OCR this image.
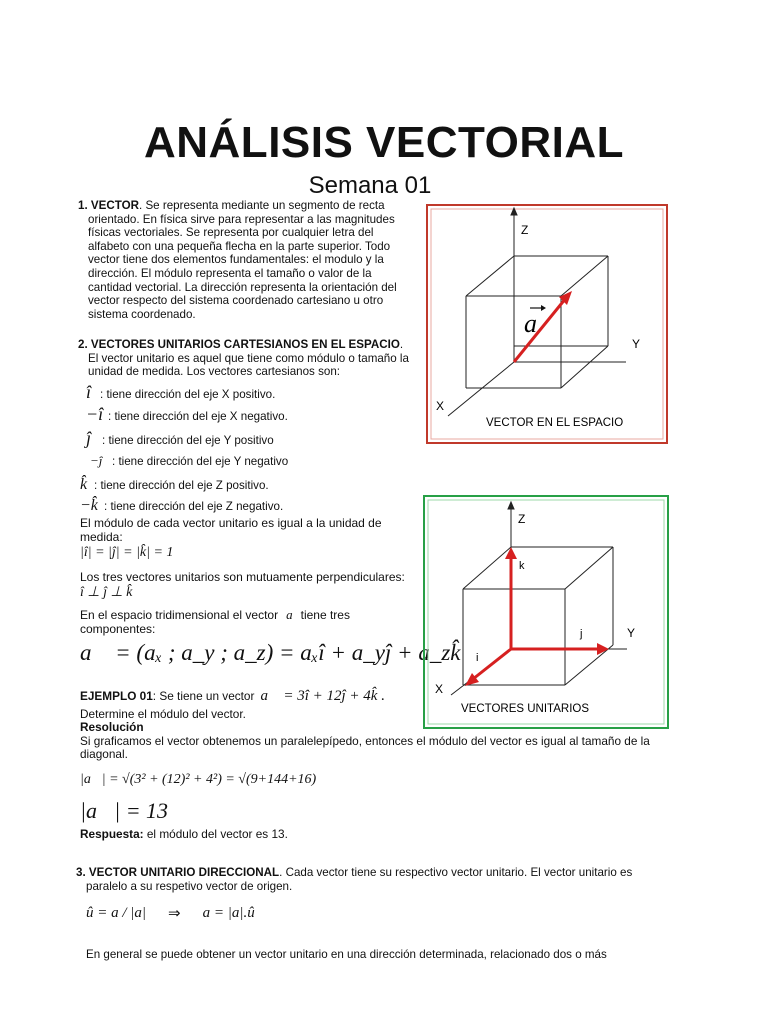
ANÁLISIS VECTORIAL
Semana 01
1. VECTOR. Se representa mediante un segmento de recta
orientado. En física sirve para representar a las magnitudes
físicas vectoriales. Se representa por cualquier letra del
alfabeto con una pequeña flecha en la parte superior. Todo
vector tiene dos elementos fundamentales: el modulo y la
dirección. El módulo representa el tamaño o valor de la
cantidad vectorial. La dirección representa la orientación del
vector respecto del sistema coordenado cartesiano u otro
sistema coordenado.
2. VECTORES UNITARIOS CARTESIANOS EN EL ESPACIO.
El vector unitario es aquel que tiene como módulo o tamaño la
unidad de medida. Los vectores cartesianos son:
î : tiene dirección del eje X positivo.
−î : tiene dirección del eje X negativo.
ĵ : tiene dirección del eje Y positivo
−ĵ : tiene dirección del eje Y negativo
k̂ : tiene dirección del eje Z positivo.
−k̂ : tiene dirección del eje Z negativo.
El módulo de cada vector unitario es igual a la unidad de
medida:
|î| = |ĵ| = |k̂| = 1
Los tres vectores unitarios son mutuamente perpendiculares:
î ⊥ ĵ ⊥ k̂
En el espacio tridimensional el vector a tiene tres
componentes:
a⃗ = (aₓ ; a_y ; a_z) = aₓî + a_yĵ + a_zk̂
EJEMPLO 01 : Se tiene un vector a⃗ = 3î + 12ĵ + 4k̂ .
Determine el módulo del vector.
Resolución
Si graficamos el vector obtenemos un paralelepípedo, entonces el módulo del vector es igual al tamaño de la
diagonal.
|a⃗| = √(3² + (12)² + 4²) = √(9+144+16)
|a⃗| = 13
Respuesta: el módulo del vector es 13.
3. VECTOR UNITARIO DIRECCIONAL. Cada vector tiene su respectivo vector unitario. El vector unitario es
paralelo a su respetivo vector de origen.
û = a / |a| ⇒ a = |a|.û
En general se puede obtener un vector unitario en una dirección determinada, relacionado dos o más
Z
Y
X
a
VECTOR EN EL ESPACIO
Z
Y
X
k
j
i
VECTORES UNITARIOS
